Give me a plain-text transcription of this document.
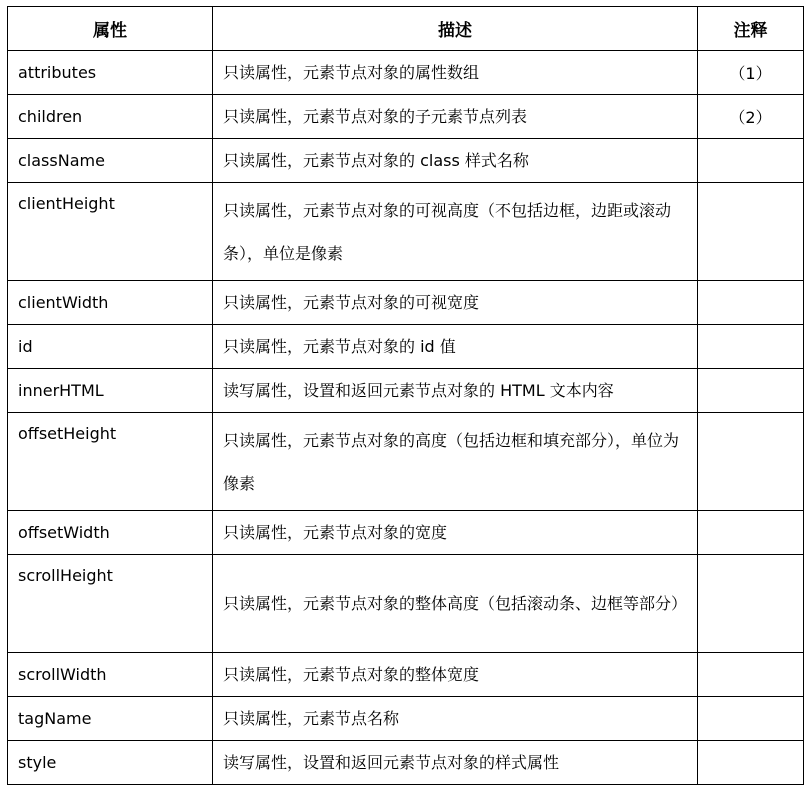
属性	描述	注释
attributes	只读属性，元素节点对象的属性数组	（1）
children	只读属性，元素节点对象的子元素节点列表	（2）
className	只读属性，元素节点对象的 class 样式名称	
clientHeight	只读属性，元素节点对象的可视高度（不包括边框，边距或滚动条），单位是像素	
clientWidth	只读属性，元素节点对象的可视宽度	
id	只读属性，元素节点对象的 id 值	
innerHTML	读写属性，设置和返回元素节点对象的 HTML 文本内容	
offsetHeight	只读属性，元素节点对象的高度（包括边框和填充部分），单位为像素	
offsetWidth	只读属性，元素节点对象的宽度	
scrollHeight	只读属性，元素节点对象的整体高度（包括滚动条、边框等部分）	
scrollWidth	只读属性，元素节点对象的整体宽度	
tagName	只读属性，元素节点名称	
style	读写属性，设置和返回元素节点对象的样式属性	
